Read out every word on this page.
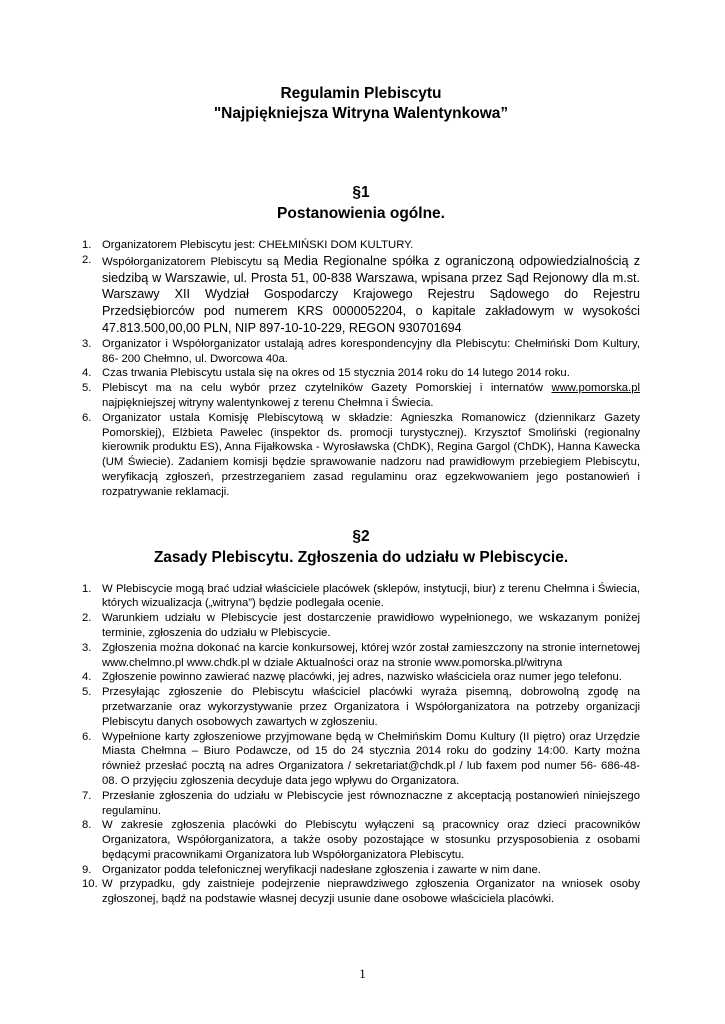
Regulamin Plebiscytu
"Najpiękniejsza Witryna Walentynkowa”
§1
Postanowienia ogólne.
1. Organizatorem Plebiscytu jest: CHEŁMIŃSKI DOM KULTURY.
2. Współorganizatorem Plebiscytu są Media Regionalne spółka z ograniczoną odpowiedzialnością z siedzibą w Warszawie, ul. Prosta 51, 00-838 Warszawa, wpisana przez Sąd Rejonowy dla m.st. Warszawy XII Wydział Gospodarczy Krajowego Rejestru Sądowego do Rejestru Przedsiębiorców pod numerem KRS 0000052204, o kapitale zakładowym w wysokości 47.813.500,00,00 PLN, NIP 897-10-10-229, REGON 930701694
3. Organizator i Współorganizator ustalają adres korespondencyjny dla Plebiscytu: Chełmiński Dom Kultury, 86- 200 Chełmno, ul. Dworcowa 40a.
4. Czas trwania Plebiscytu ustala się na okres od 15 stycznia 2014 roku do 14 lutego 2014 roku.
5. Plebiscyt ma na celu wybór przez czytelników Gazety Pomorskiej i internatów www.pomorska.pl najpiękniejszej witryny walentynkowej z terenu Chełmna i Świecia.
6. Organizator ustala Komisję Plebiscytową w składzie: Agnieszka Romanowicz (dziennikarz Gazety Pomorskiej), Elżbieta Pawelec (inspektor ds. promocji turystycznej). Krzysztof Smoliński (regionalny kierownik produktu ES), Anna Fijałkowska - Wyrosławska (ChDK), Regina Gargol (ChDK), Hanna Kawecka (UM Świecie). Zadaniem komisji będzie sprawowanie nadzoru nad prawidłowym przebiegiem Plebiscytu, weryfikacją zgłoszeń, przestrzeganiem zasad regulaminu oraz egzekwowaniem jego postanowień i rozpatrywanie reklamacji.
§2
Zasady Plebiscytu. Zgłoszenia do udziału w Plebiscycie.
1. W Plebiscycie mogą brać udział właściciele placówek (sklepów, instytucji, biur) z terenu Chełmna i Świecia, których wizualizacja („witryna”) będzie podlegała ocenie.
2. Warunkiem udziału w Plebiscycie jest dostarczenie prawidłowo wypełnionego, we wskazanym poniżej terminie, zgłoszenia do udziału w Plebiscycie.
3. Zgłoszenia można dokonać na karcie konkursowej, której wzór został zamieszczony na stronie internetowej www.chelmno.pl www.chdk.pl w dziale Aktualności oraz na stronie www.pomorska.pl/witryna
4. Zgłoszenie powinno zawierać nazwę placówki, jej adres, nazwisko właściciela oraz numer jego telefonu.
5. Przesyłając zgłoszenie do Plebiscytu właściciel placówki wyraża pisemną, dobrowolną zgodę na przetwarzanie oraz wykorzystywanie przez Organizatora i Współorganizatora na potrzeby organizacji Plebiscytu danych osobowych zawartych w zgłoszeniu.
6. Wypełnione karty zgłoszeniowe przyjmowane będą w Chełmińskim Domu Kultury (II piętro) oraz Urzędzie Miasta Chełmna – Biuro Podawcze, od 15 do 24 stycznia 2014 roku do godziny 14:00. Karty można również przesłać pocztą na adres Organizatora / sekretariat@chdk.pl / lub faxem pod numer 56- 686-48-08. O przyjęciu zgłoszenia decyduje data jego wpływu do Organizatora.
7. Przesłanie zgłoszenia do udziału w Plebiscycie jest równoznaczne z akceptacją postanowień niniejszego regulaminu.
8. W zakresie zgłoszenia placówki do Plebiscytu wyłączeni są pracownicy oraz dzieci pracowników Organizatora, Współorganizatora, a także osoby pozostające w stosunku przysposobienia z osobami będącymi pracownikami Organizatora lub Współorganizatora Plebiscytu.
9. Organizator podda telefonicznej weryfikacji nadesłane zgłoszenia i zawarte w nim dane.
10. W przypadku, gdy zaistnieje podejrzenie nieprawdziwego zgłoszenia Organizator na wniosek osoby zgłoszonej, bądź na podstawie własnej decyzji usunie dane osobowe właściciela placówki.
1
